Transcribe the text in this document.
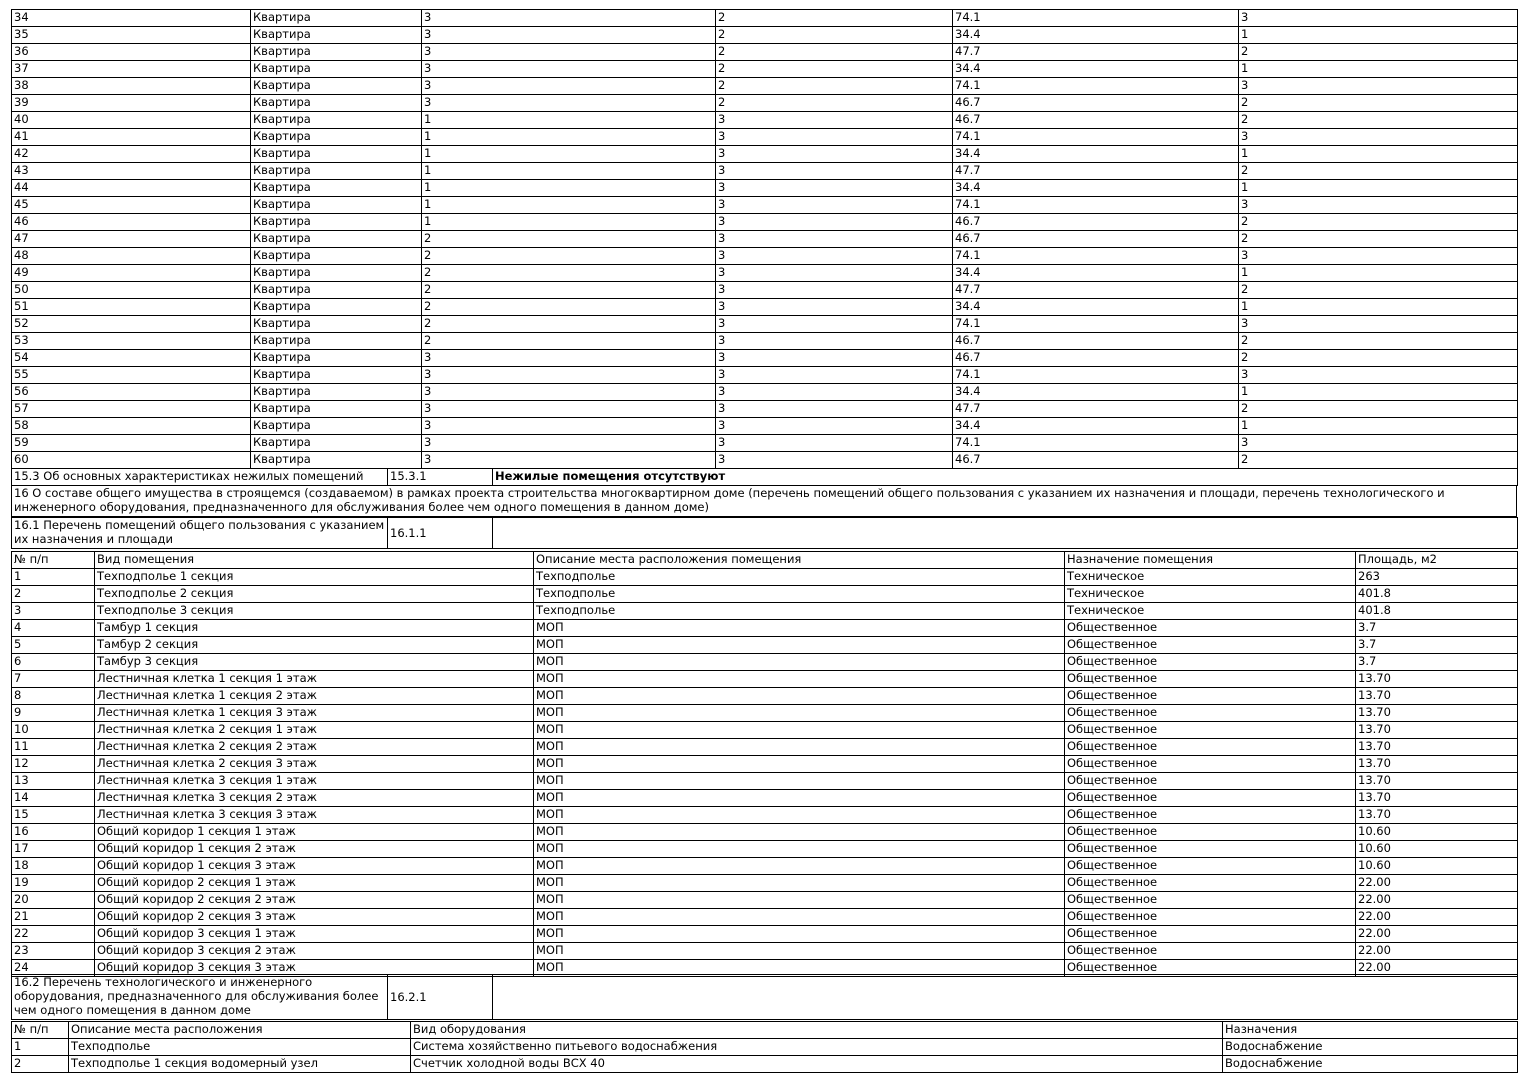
34	Квартира	3	2	74.1	3
35	Квартира	3	2	34.4	1
36	Квартира	3	2	47.7	2
37	Квартира	3	2	34.4	1
38	Квартира	3	2	74.1	3
39	Квартира	3	2	46.7	2
40	Квартира	1	3	46.7	2
41	Квартира	1	3	74.1	3
42	Квартира	1	3	34.4	1
43	Квартира	1	3	47.7	2
44	Квартира	1	3	34.4	1
45	Квартира	1	3	74.1	3
46	Квартира	1	3	46.7	2
47	Квартира	2	3	46.7	2
48	Квартира	2	3	74.1	3
49	Квартира	2	3	34.4	1
50	Квартира	2	3	47.7	2
51	Квартира	2	3	34.4	1
52	Квартира	2	3	74.1	3
53	Квартира	2	3	46.7	2
54	Квартира	3	3	46.7	2
55	Квартира	3	3	74.1	3
56	Квартира	3	3	34.4	1
57	Квартира	3	3	47.7	2
58	Квартира	3	3	34.4	1
59	Квартира	3	3	74.1	3
60	Квартира	3	3	46.7	2
15.3 Об основных характеристиках нежилых помещений	15.3.1	Нежилые помещения отсутствуют
16 О составе общего имущества в строящемся (создаваемом) в рамках проекта строительства многоквартирном доме (перечень помещений общего пользования с указанием их назначения и площади, перечень технологического и инженерного оборудования, предназначенного для обслуживания более чем одного помещения в данном доме)
16.1 Перечень помещений общего пользования с указанием их назначения и площади	16.1.1	
№ п/п	Вид помещения	Описание места расположения помещения	Назначение помещения	Площадь, м2
1	Техподполье 1 секция	Техподполье	Техническое	263
2	Техподполье 2 секция	Техподполье	Техническое	401.8
3	Техподполье 3 секция	Техподполье	Техническое	401.8
4	Тамбур 1 секция	МОП	Общественное	3.7
5	Тамбур 2 секция	МОП	Общественное	3.7
6	Тамбур 3 секция	МОП	Общественное	3.7
7	Лестничная клетка 1 секция 1 этаж	МОП	Общественное	13.70
8	Лестничная клетка 1 секция 2 этаж	МОП	Общественное	13.70
9	Лестничная клетка 1 секция 3 этаж	МОП	Общественное	13.70
10	Лестничная клетка 2 секция 1 этаж	МОП	Общественное	13.70
11	Лестничная клетка 2 секция 2 этаж	МОП	Общественное	13.70
12	Лестничная клетка 2 секция 3 этаж	МОП	Общественное	13.70
13	Лестничная клетка 3 секция 1 этаж	МОП	Общественное	13.70
14	Лестничная клетка 3 секция 2 этаж	МОП	Общественное	13.70
15	Лестничная клетка 3 секция 3 этаж	МОП	Общественное	13.70
16	Общий коридор 1 секция 1 этаж	МОП	Общественное	10.60
17	Общий коридор 1 секция 2 этаж	МОП	Общественное	10.60
18	Общий коридор 1 секция 3 этаж	МОП	Общественное	10.60
19	Общий коридор 2 секция 1 этаж	МОП	Общественное	22.00
20	Общий коридор 2 секция 2 этаж	МОП	Общественное	22.00
21	Общий коридор 2 секция 3 этаж	МОП	Общественное	22.00
22	Общий коридор 3 секция 1 этаж	МОП	Общественное	22.00
23	Общий коридор 3 секция 2 этаж	МОП	Общественное	22.00
24	Общий коридор 3 секция 3 этаж	МОП	Общественное	22.00
16.2 Перечень технологического и инженерного оборудования, предназначенного для обслуживания более чем одного помещения в данном доме	16.2.1	
№ п/п	Описание места расположения	Вид оборудования	Назначения
1	Техподполье	Система хозяйственно питьевого водоснабжения	Водоснабжение
2	Техподполье 1 секция водомерный узел	Счетчик холодной воды ВСХ 40	Водоснабжение
